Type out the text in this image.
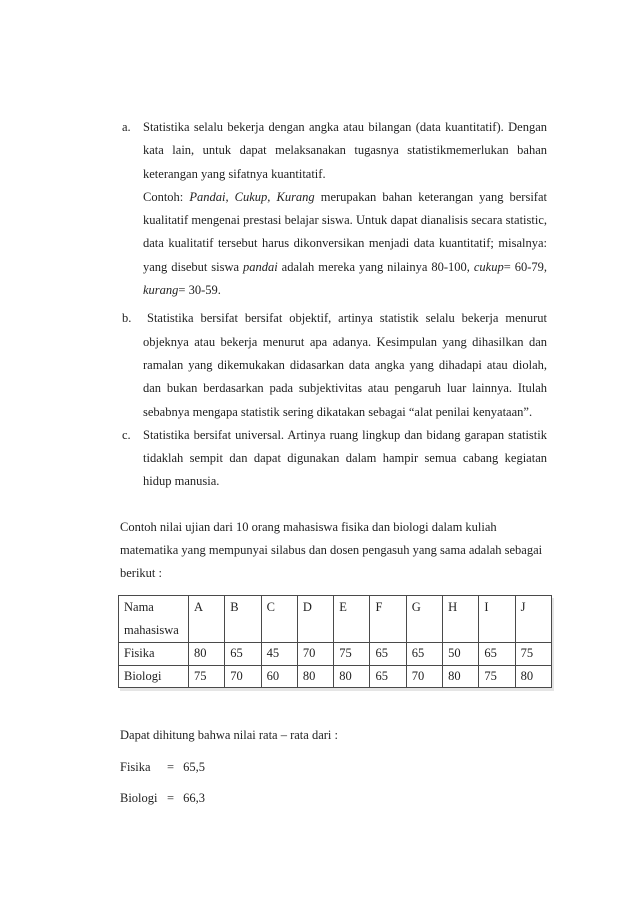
a. Statistika selalu bekerja dengan angka atau bilangan (data kuantitatif). Dengan kata lain, untuk dapat melaksanakan tugasnya statistikmemerlukan bahan keterangan yang sifatnya kuantitatif.
Contoh: Pandai, Cukup, Kurang merupakan bahan keterangan yang bersifat kualitatif mengenai prestasi belajar siswa. Untuk dapat dianalisis secara statistic, data kualitatif tersebut harus dikonversikan menjadi data kuantitatif; misalnya: yang disebut siswa pandai adalah mereka yang nilainya 80-100, cukup= 60-79, kurang= 30-59.
b.	Statistika bersifat bersifat objektif, artinya statistik selalu bekerja menurut objeknya atau bekerja menurut apa adanya. Kesimpulan yang dihasilkan dan ramalan yang dikemukakan didasarkan data angka yang dihadapi atau diolah, dan bukan berdasarkan pada subjektivitas atau pengaruh luar lainnya. Itulah sebabnya mengapa statistik sering dikatakan sebagai “alat penilai kenyataan”.
c. Statistika bersifat universal. Artinya ruang lingkup dan bidang garapan statistik tidaklah sempit dan dapat digunakan dalam hampir semua cabang kegiatan hidup manusia.
Contoh nilai ujian dari 10 orang mahasiswa fisika dan biologi dalam kuliah matematika yang mempunyai silabus dan dosen pengasuh yang sama adalah sebagai berikut :
Nama mahasiswa	A	B	C	D	E	F	G	H	I	J
Fisika	80	65	45	70	75	65	65	50	65	75
Biologi	75	70	60	80	80	65	70	80	75	80
Dapat dihitung bahwa nilai rata – rata dari :
Fisika = 65,5
Biologi = 66,3
